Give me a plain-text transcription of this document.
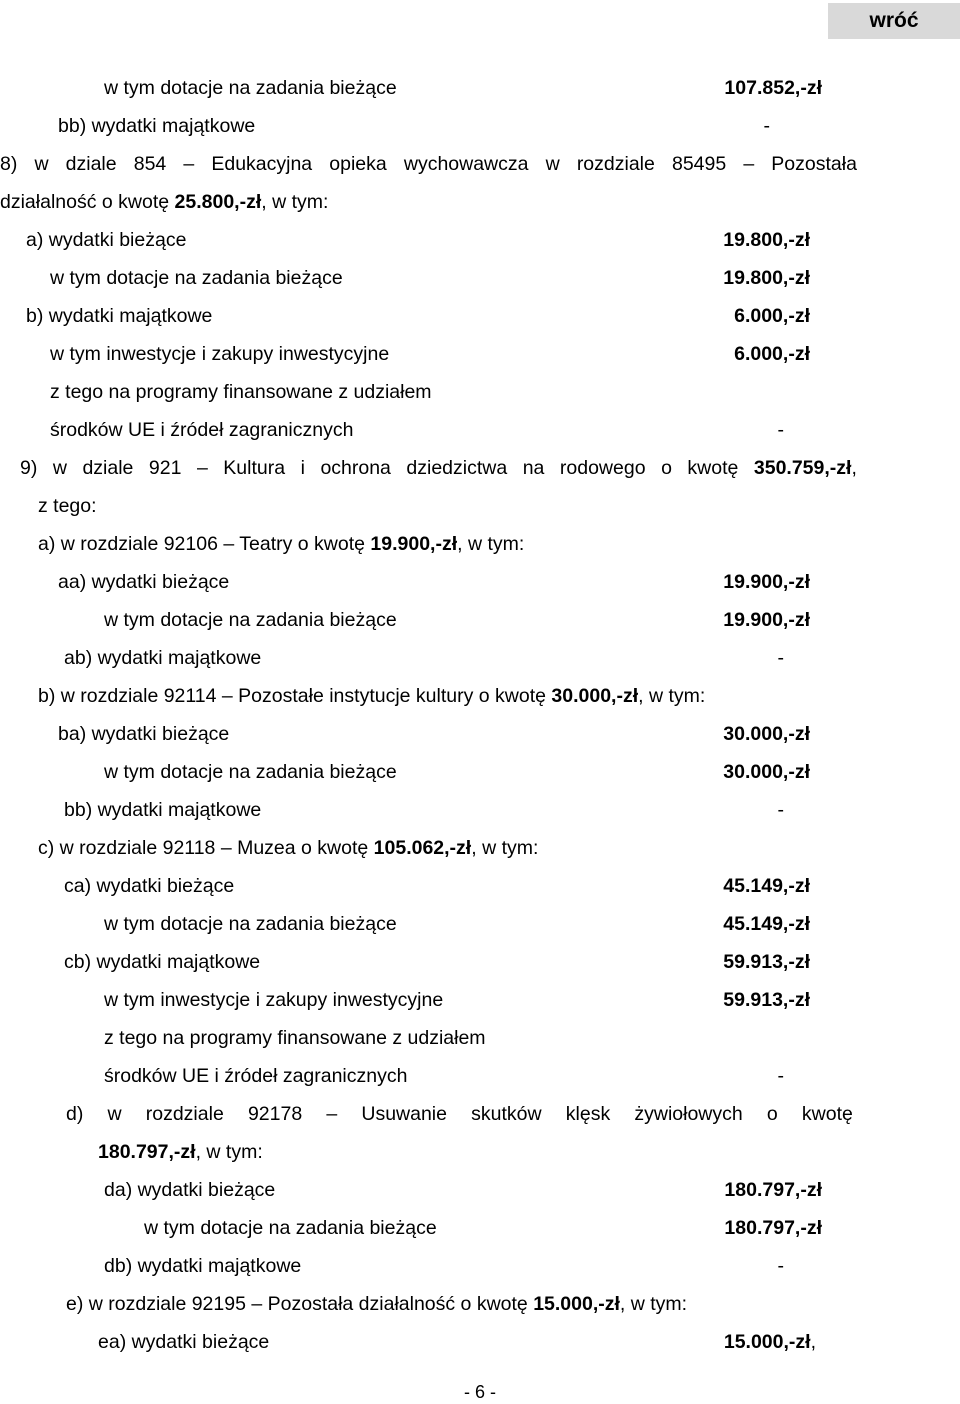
wróć
w tym dotacje na zadania bieżące	107.852,-zł
bb) wydatki majątkowe	-
8) w dziale 854 – Edukacyjna opieka wychowawcza w rozdziale 85495 – Pozostała
działalność o kwotę 25.800,-zł, w tym:
a) wydatki bieżące	19.800,-zł
w tym dotacje na zadania bieżące	19.800,-zł
b) wydatki majątkowe	6.000,-zł
w tym inwestycje i zakupy inwestycyjne	6.000,-zł
z tego na programy finansowane z udziałem
środków UE i źródeł zagranicznych	-
9) w dziale 921 – Kultura i ochrona dziedzictwa na rodowego o kwotę 350.759,-zł,
z tego:
a) w rozdziale 92106 – Teatry o kwotę 19.900,-zł, w tym:
aa) wydatki bieżące	19.900,-zł
w tym dotacje na zadania bieżące	19.900,-zł
ab) wydatki majątkowe	-
b) w rozdziale 92114 – Pozostałe instytucje kultury o kwotę 30.000,-zł, w tym:
ba) wydatki bieżące	30.000,-zł
w tym dotacje na zadania bieżące	30.000,-zł
bb) wydatki majątkowe	-
c) w rozdziale 92118 – Muzea o kwotę 105.062,-zł, w tym:
ca) wydatki bieżące	45.149,-zł
w tym dotacje na zadania bieżące	45.149,-zł
cb) wydatki majątkowe	59.913,-zł
w tym inwestycje i zakupy inwestycyjne	59.913,-zł
z tego na programy finansowane z udziałem
środków UE i źródeł zagranicznych	-
d) w rozdziale 92178 – Usuwanie skutków klęsk żywiołowych o kwotę
180.797,-zł, w tym:
da) wydatki bieżące	180.797,-zł
w tym dotacje na zadania bieżące	180.797,-zł
db) wydatki majątkowe	-
e) w rozdziale 92195 – Pozostała działalność o kwotę 15.000,-zł, w tym:
ea) wydatki bieżące	15.000,-zł,
- 6 -
